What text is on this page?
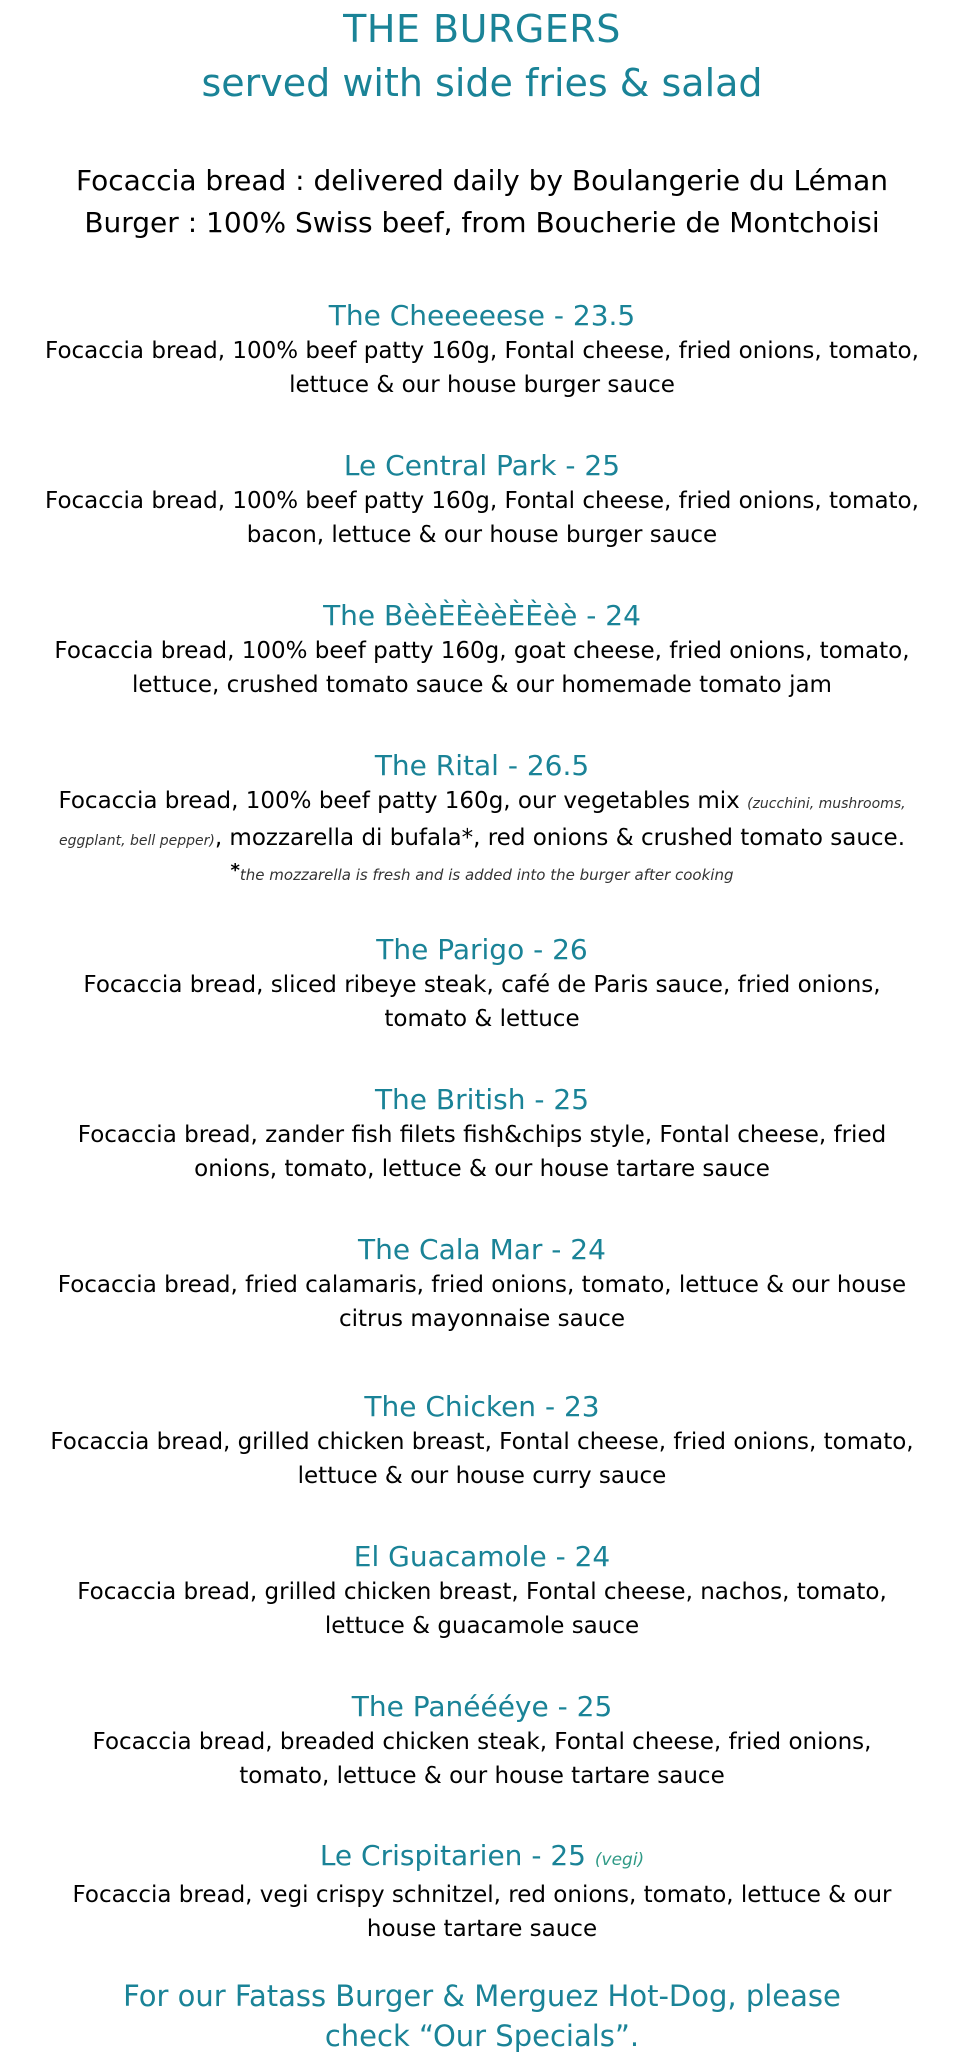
THE BURGERS
served with side fries & salad
Focaccia bread : delivered daily by Boulangerie du Léman
Burger : 100% Swiss beef, from Boucherie de Montchoisi
The Cheeeeese - 23.5
Focaccia bread, 100% beef patty 160g, Fontal cheese, fried onions, tomato,
lettuce & our house burger sauce
Le Central Park - 25
Focaccia bread, 100% beef patty 160g, Fontal cheese, fried onions, tomato,
bacon, lettuce & our house burger sauce
The BèèÈÈèèÈÈèè - 24
Focaccia bread, 100% beef patty 160g, goat cheese, fried onions, tomato,
lettuce, crushed tomato sauce & our homemade tomato jam
The Rital - 26.5
Focaccia bread, 100% beef patty 160g, our vegetables mix (zucchini, mushrooms,
eggplant, bell pepper), mozzarella di bufala*, red onions & crushed tomato sauce.
*the mozzarella is fresh and is added into the burger after cooking
The Parigo - 26
Focaccia bread, sliced ribeye steak, café de Paris sauce, fried onions,
tomato & lettuce
The British - 25
Focaccia bread, zander fish filets fish&chips style, Fontal cheese, fried
onions, tomato, lettuce & our house tartare sauce
The Cala Mar - 24
Focaccia bread, fried calamaris, fried onions, tomato, lettuce & our house
citrus mayonnaise sauce
The Chicken - 23
Focaccia bread, grilled chicken breast, Fontal cheese, fried onions, tomato,
lettuce & our house curry sauce
El Guacamole - 24
Focaccia bread, grilled chicken breast, Fontal cheese, nachos, tomato,
lettuce & guacamole sauce
The Panéééye - 25
Focaccia bread, breaded chicken steak, Fontal cheese, fried onions,
tomato, lettuce & our house tartare sauce
Le Crispitarien - 25 (vegi)
Focaccia bread, vegi crispy schnitzel, red onions, tomato, lettuce & our
house tartare sauce
For our Fatass Burger & Merguez Hot-Dog, please
check “Our Specials”.
